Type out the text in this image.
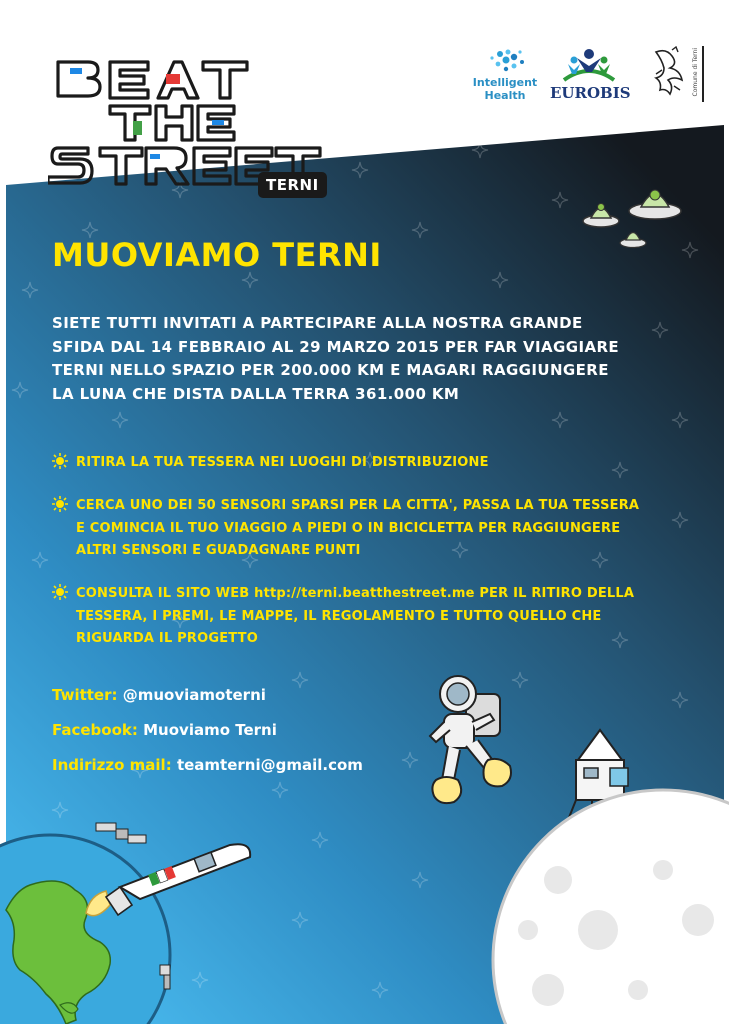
TERNI
Intelligent
Health	EUROBIS	Comune di Terni
MUOVIAMO TERNI
SIETE TUTTI INVITATI A PARTECIPARE ALLA NOSTRA GRANDE SFIDA DAL 14 FEBBRAIO AL 29 MARZO 2015 PER FAR VIAGGIARE TERNI NELLO SPAZIO PER 200.000 KM E MAGARI RAGGIUNGERE LA LUNA CHE DISTA DALLA TERRA 361.000 KM
RITIRA LA TUA TESSERA NEI LUOGHI DI DISTRIBUZIONE
CERCA UNO DEI 50 SENSORI SPARSI PER LA CITTA', PASSA LA TUA TESSERA E COMINCIA IL TUO VIAGGIO A PIEDI O IN BICICLETTA PER RAGGIUNGERE ALTRI SENSORI E GUADAGNARE PUNTI
CONSULTA IL SITO WEB http://terni.beatthestreet.me PER IL RITIRO DELLA TESSERA, I PREMI, LE MAPPE, IL REGOLAMENTO E TUTTO QUELLO CHE RIGUARDA IL PROGETTO
Twitter: @muoviamoterni
Facebook: Muoviamo Terni
Indirizzo mail: teamterni@gmail.com
